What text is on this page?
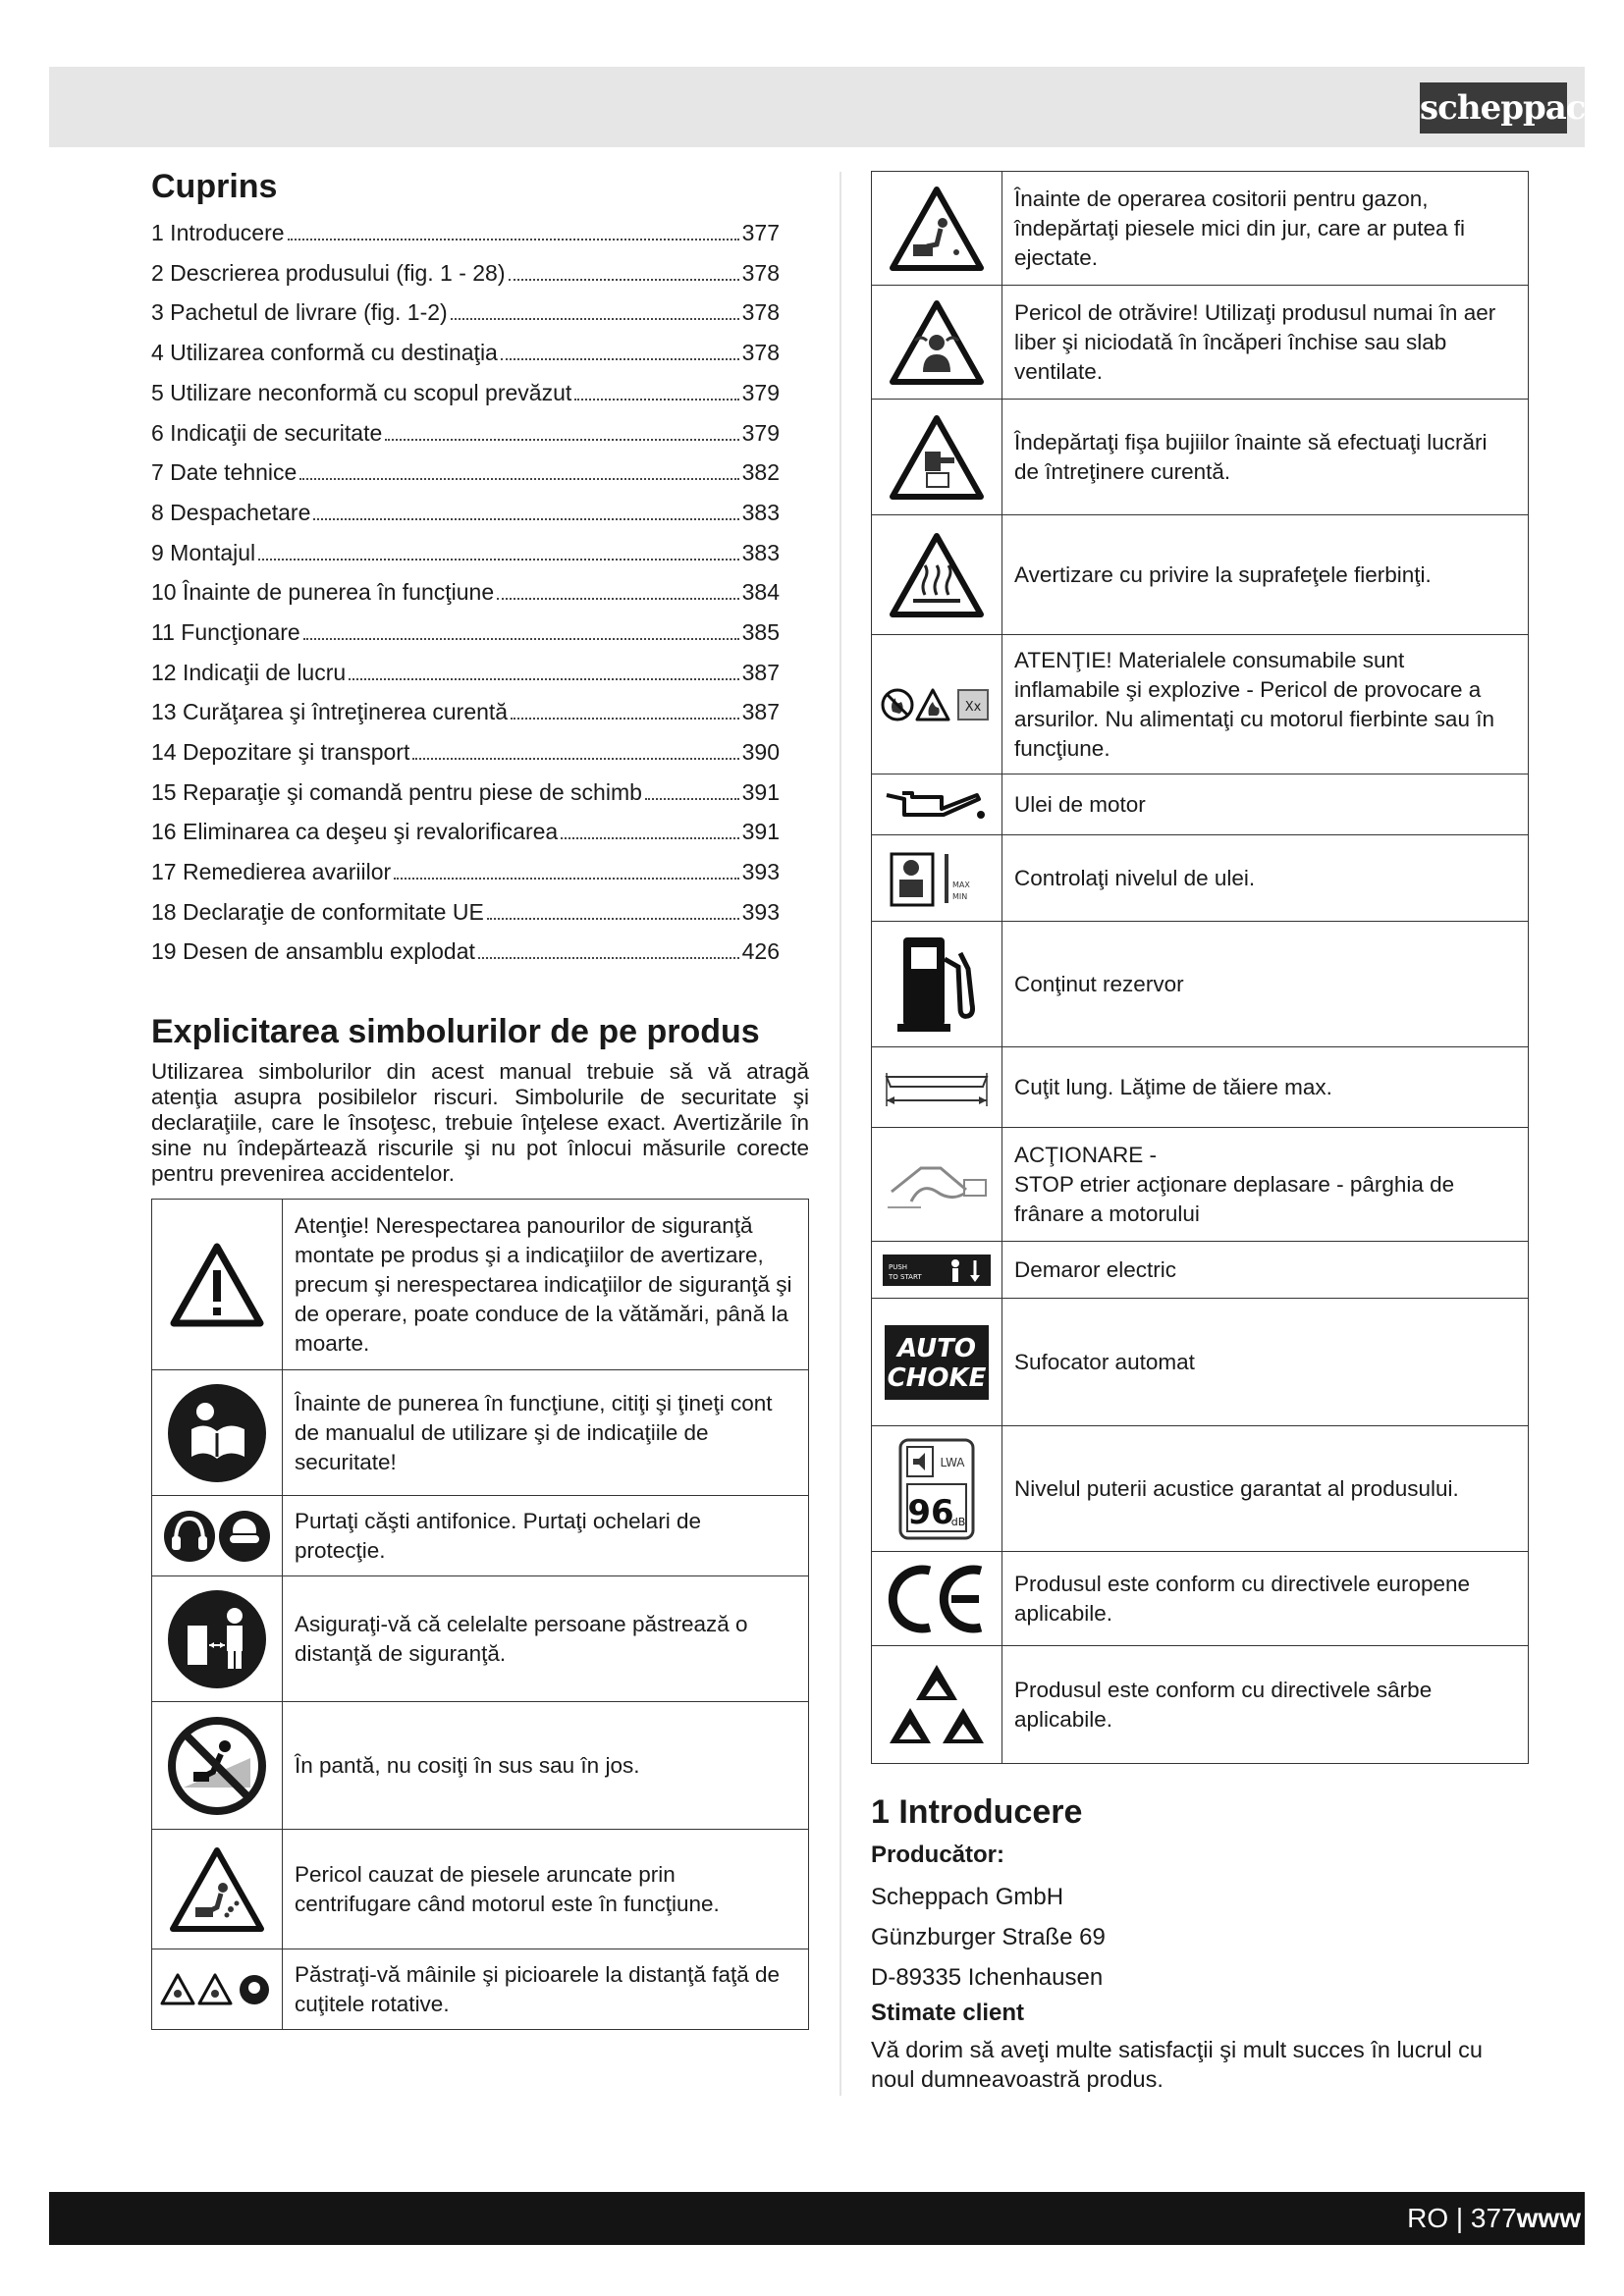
scheppach
Cuprins
1 Introducere	377
2 Descrierea produsului (fig. 1 - 28)	378
3 Pachetul de livrare (fig. 1-2)	378
4 Utilizarea conformă cu destinaţia	378
5 Utilizare neconformă cu scopul prevăzut	379
6 Indicaţii de securitate	379
7 Date tehnice	382
8 Despachetare	383
9 Montajul	383
10 Înainte de punerea în funcţiune	384
11 Funcţionare	385
12 Indicaţii de lucru	387
13 Curăţarea şi întreţinerea curentă	387
14 Depozitare şi transport	390
15 Reparaţie şi comandă pentru piese de schimb	391
16 Eliminarea ca deşeu şi revalorificarea	391
17 Remedierea avariilor	393
18 Declaraţie de conformitate UE	393
19 Desen de ansamblu explodat	426
Explicitarea simbolurilor de pe produs

Utilizarea simbolurilor din acest manual trebuie să vă atragă atenţia asupra posibilelor riscuri. Simbolurile de securitate şi declaraţiile, care le însoţesc, trebuie înţelese exact. Avertizările în sine nu îndepărtează riscurile şi nu pot înlocui măsurile corecte pentru prevenirea accidentelor.

	Atenţie! Nerespectarea panourilor de siguranţă montate pe produs şi a indicaţiilor de avertizare, precum şi nerespectarea indicaţiilor de siguranţă şi de operare, poate conduce de la vătămări, până la moarte.

	Înainte de punerea în funcţiune, citiţi şi ţineţi cont de manualul de utilizare şi de indicaţiile de securitate!

	Purtaţi căşti antifonice. Purtaţi ochelari de protecţie.

	Asiguraţi-vă că celelalte persoane păstrează o distanţă de siguranţă.

	În pantă, nu cosiţi în sus sau în jos.

	Pericol cauzat de piesele aruncate prin centrifugare când motorul este în funcţiune.

	Păstraţi-vă mâinile şi picioarele la distanţă faţă de cuţitele rotative.
	Înainte de operarea cositorii pentru gazon, îndepărtaţi piesele mici din jur, care ar putea fi ejectate.

	Pericol de otrăvire! Utilizaţi produsul numai în aer liber şi niciodată în încăperi închise sau slab ventilate.

	Îndepărtaţi fişa bujiilor înainte să efectuaţi lucrări de întreţinere curentă.

	Avertizare cu privire la suprafeţele fierbinţi.

Xx	ATENŢIE! Materialele consumabile sunt inflamabile şi explozive - Pericol de provocare a arsurilor. Nu alimentaţi cu motorul fierbinte sau în funcţiune.

	Ulei de motor

MAX
MIN	Controlaţi nivelul de ulei.

	Conţinut rezervor

	Cuţit lung. Lăţime de tăiere max.

	ACŢIONARE -
STOP etrier acţionare deplasare - pârghia de frânare a motorului

PUSH
TO START	Demaror electric

AUTO
CHOKE	Sufocator automat

LWA
96
dB	Nivelul puterii acustice garantat al produsului.

	Produsul este conform cu directivele europene aplicabile.

	Produsul este conform cu directivele sârbe aplicabile.
1 Introducere
Producător:

Scheppach GmbH

Günzburger Straße 69

D-89335 Ichenhausen

Stimate client

Vă dorim să aveţi multe satisfacţii şi mult succes în lucrul cu noul dumneavoastră produs.

RO | 377www
